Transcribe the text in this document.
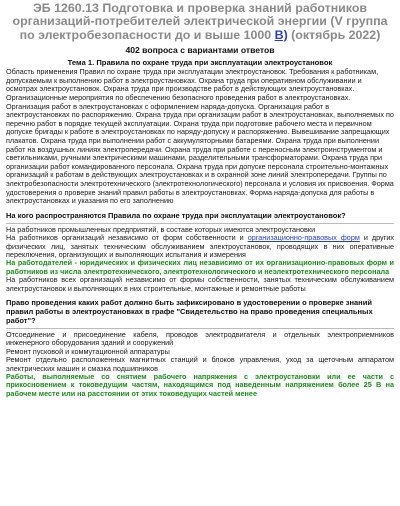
ЭБ 1260.13 Подготовка и проверка знаний работников организаций-потребителей электрической энергии (V группа по электробезопасности до и выше 1000 В) (октябрь 2022)
402 вопроса с вариантами ответов
Тема 1. Правила по охране труда при эксплуатации электроустановок

Область применения Правил по охране труда при эксплуатации электроустановок. Требования к работникам, допускаемым к выполнению работ в электроустановках. Охрана труда при оперативном обслуживании и осмотрах электроустановок. Охрана труда при производстве работ в действующих электроустановках. Организационные мероприятия по обеспечению безопасного проведения работ в электроустановках. Организация работ в электроустановках с оформлением наряда-допуска. Организация работ в электроустановках по распоряжению. Охрана труда при организации работ в электроустановках, выполняемых по перечню работ в порядке текущей эксплуатации. Охрана труда при подготовке рабочего места и первичном допуске бригады к работе в электроустановках по наряду-допуску и распоряжению. Вывешивание запрещающих плакатов. Охрана труда при выполнении работ с аккумуляторными батареями. Охрана труда при выполнении работ на воздушных линиях электропередачи. Охрана труда при работе с переносным электроинструментом и светильниками, ручными электрическими машинами, разделительными трансформаторами. Охрана труда при организации работ командированного персонала. Охрана труда при допуске персонала строительно-монтажных организаций к работам в действующих электроустановках и в охранной зоне линий электропередачи. Группы по электробезопасности электротехнического (электротехнологического) персонала и условия их присвоения. Форма удостоверения о проверке знаний правил работы в электроустановках. Форма наряда-допуска для работы в электроустановках и указания по его заполнению

На кого распространяются Правила по охране труда при эксплуатации электроустановок?

На работников промышленных предприятий, в составе которых имеются электроустановки

На работников организаций независимо от форм собственности и организационно-правовых форм и других физических лиц, занятых техническим обслуживанием электроустановок, проводящих в них оперативные переключения, организующих и выполняющих испытания и измерения

На работодателей - юридических и физических лиц независимо от их организационно-правовых форм и работников из числа электротехнического, электротехнологического и неэлектротехнического персонала

На работников всех организаций независимо от формы собственности, занятых техническим обслуживанием электроустановок и выполняющих в них строительные, монтажные и ремонтные работы

Право проведения каких работ должно быть зафиксировано в удостоверении о проверке знаний правил работы в электроустановках в графе "Свидетельство на право проведения специальных работ"?

Отсоединение и присоединение кабеля, проводов электродвигателя и отдельных электроприемников инженерного оборудования зданий и сооружений

Ремонт пусковой и коммутационной аппаратуры

Ремонт отдельно расположенных магнитных станций и блоков управления, уход за щеточным аппаратом электрических машин и смазка подшипников

Работы, выполняемые со снятием рабочего напряжения с электроустановки или ее части с прикосновением к токоведущим частям, находящимся под наведенным напряжением более 25 В на рабочем месте или на расстоянии от этих токоведущих частей менее
